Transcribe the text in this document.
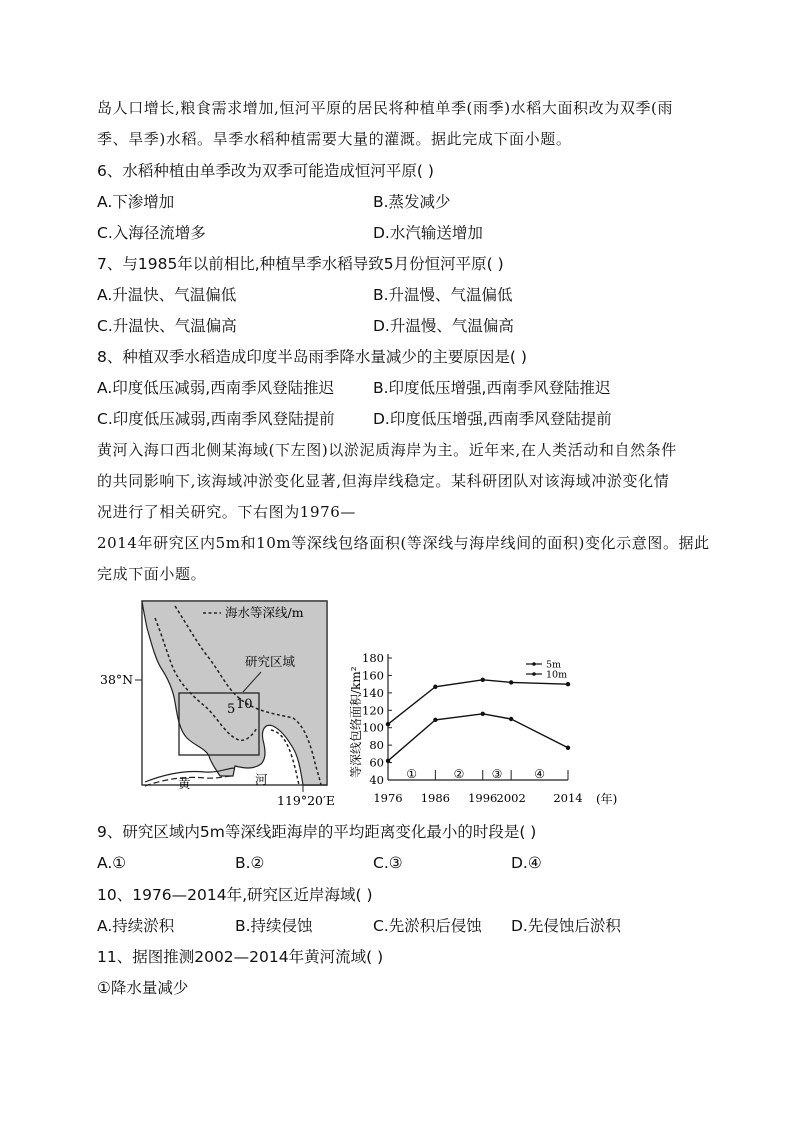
岛人口增长,粮食需求增加,恒河平原的居民将种植单季(雨季)水稻大面积改为双季(雨
季、旱季)水稻。旱季水稻种植需要大量的灌溉。据此完成下面小题。
6、水稻种植由单季改为双季可能造成恒河平原( )
A.下渗增加	B.蒸发减少
C.入海径流增多	D.水汽输送增加
7、与1985年以前相比,种植旱季水稻导致5月份恒河平原( )
A.升温快、气温偏低	B.升温慢、气温偏低
C.升温快、气温偏高	D.升温慢、气温偏高
8、种植双季水稻造成印度半岛雨季降水量减少的主要原因是( )
A.印度低压减弱,西南季风登陆推迟	B.印度低压增强,西南季风登陆推迟
C.印度低压减弱,西南季风登陆提前 D.印度低压增强,西南季风登陆提前
黄河入海口西北侧某海域(下左图)以淤泥质海岸为主。近年来,在人类活动和自然条件
的共同影响下,该海域冲淤变化显著,但海岸线稳定。某科研团队对该海域冲淤变化情
况进行了相关研究。下右图为1976—
2014年研究区内5m和10m等深线包络面积(等深线与海岸线间的面积)变化示意图。据此
完成下面小题。
海水等深线/m
研究区域
5 10
黄	河
38°N
119°20′E
等深线包络面积/km²
40
60
80
100
120
140
160
180
1976 1986 1996 2002 2014
①	② ③	④
5m
10m
(年)
9、研究区域内5m等深线距海岸的平均距离变化最小的时段是( )
A.①	B.②	C.③	D.④
10、1976—2014年,研究区近岸海域( )
A.持续淤积	B.持续侵蚀	C.先淤积后侵蚀 D.先侵蚀后淤积
11、据图推测2002—2014年黄河流域( )
①降水量减少
